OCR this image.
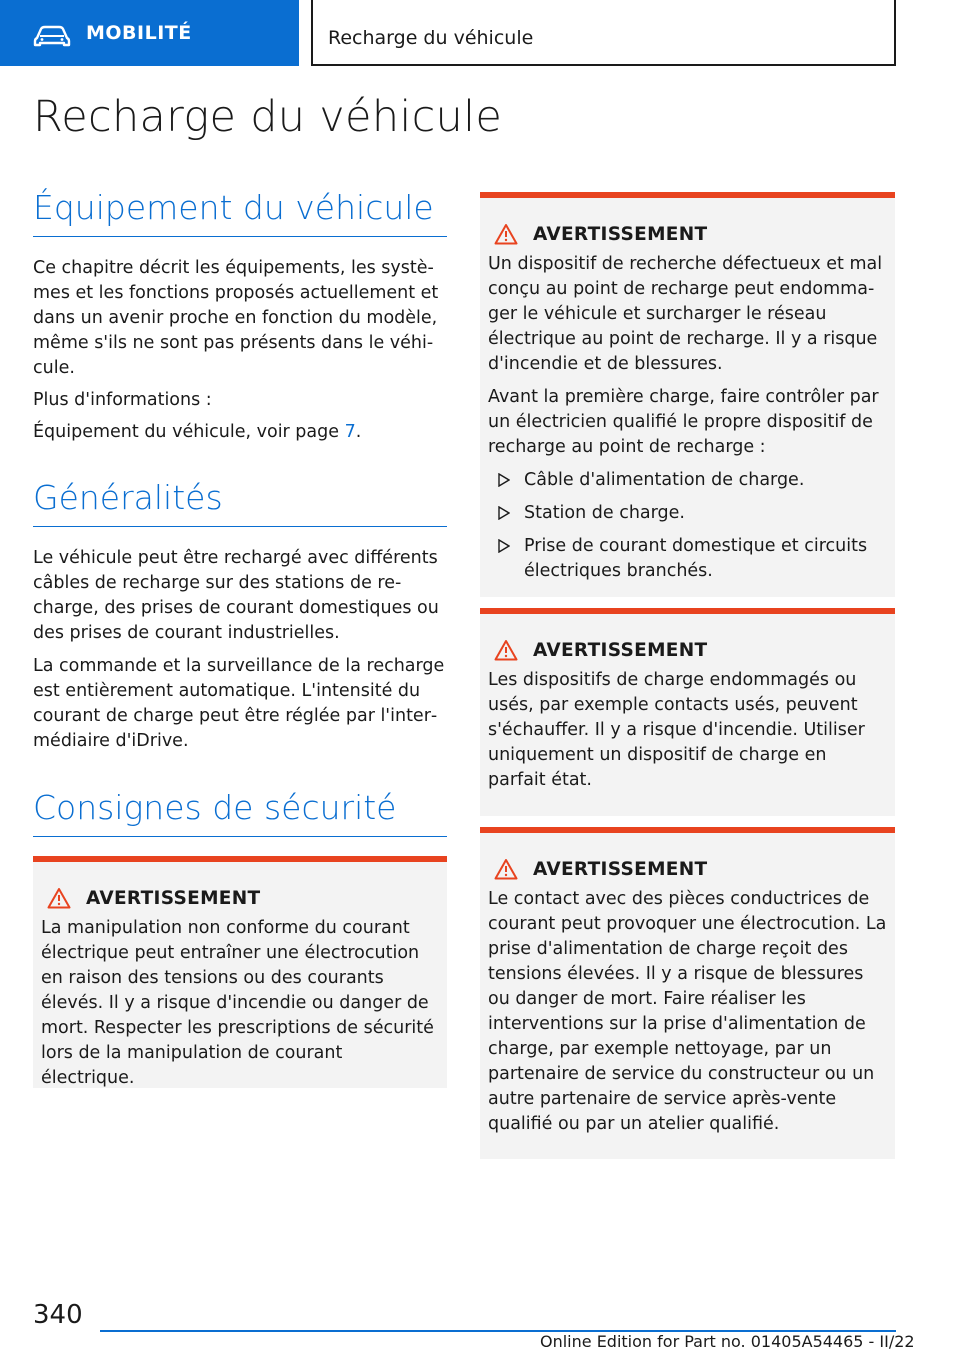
MOBILITÉ	Recharge du véhicule
Recharge du véhicule
Équipement du véhicule

Ce chapitre décrit les équipements, les systèmes et les fonctions proposés actuellement et dans un avenir proche en fonction du modèle, même s'ils ne sont pas présents dans le véhicule.

Plus d'informations :

Équipement du véhicule, voir page 7.

Généralités

Le véhicule peut être rechargé avec différents câbles de recharge sur des stations de recharge, des prises de courant domestiques ou des prises de courant industrielles.

La commande et la surveillance de la recharge est entièrement automatique. L'intensité du courant de charge peut être réglée par l'intermédiaire d'iDrive.

Consignes de sécurité
AVERTISSEMENT

La manipulation non conforme du courant électrique peut entraîner une électrocution en raison des tensions ou des courants élevés. Il y a risque d'incendie ou danger de mort. Respecter les prescriptions de sécurité lors de la manipulation de courant électrique.

AVERTISSEMENT

Un dispositif de recherche défectueux et mal conçu au point de recharge peut endommager le véhicule et surcharger le réseau électrique au point de recharge. Il y a risque d'incendie et de blessures.

Avant la première charge, faire contrôler par un électricien qualifié le propre dispositif de recharge au point de recharge :

Câble d'alimentation de charge.
Station de charge.
Prise de courant domestique et circuits électriques branchés.
AVERTISSEMENT

Les dispositifs de charge endommagés ou usés, par exemple contacts usés, peuvent s'échauffer. Il y a risque d'incendie. Utiliser uniquement un dispositif de charge en parfait état.

AVERTISSEMENT

Le contact avec des pièces conductrices de courant peut provoquer une électrocution. La prise d'alimentation de charge reçoit des tensions élevées. Il y a risque de blessures ou danger de mort. Faire réaliser les interventions sur la prise d'alimentation de charge, par exemple nettoyage, par un partenaire de service du constructeur ou un autre partenaire de service après-vente qualifié ou par un atelier qualifié.

340
Online Edition for Part no. 01405A54465 - II/22
